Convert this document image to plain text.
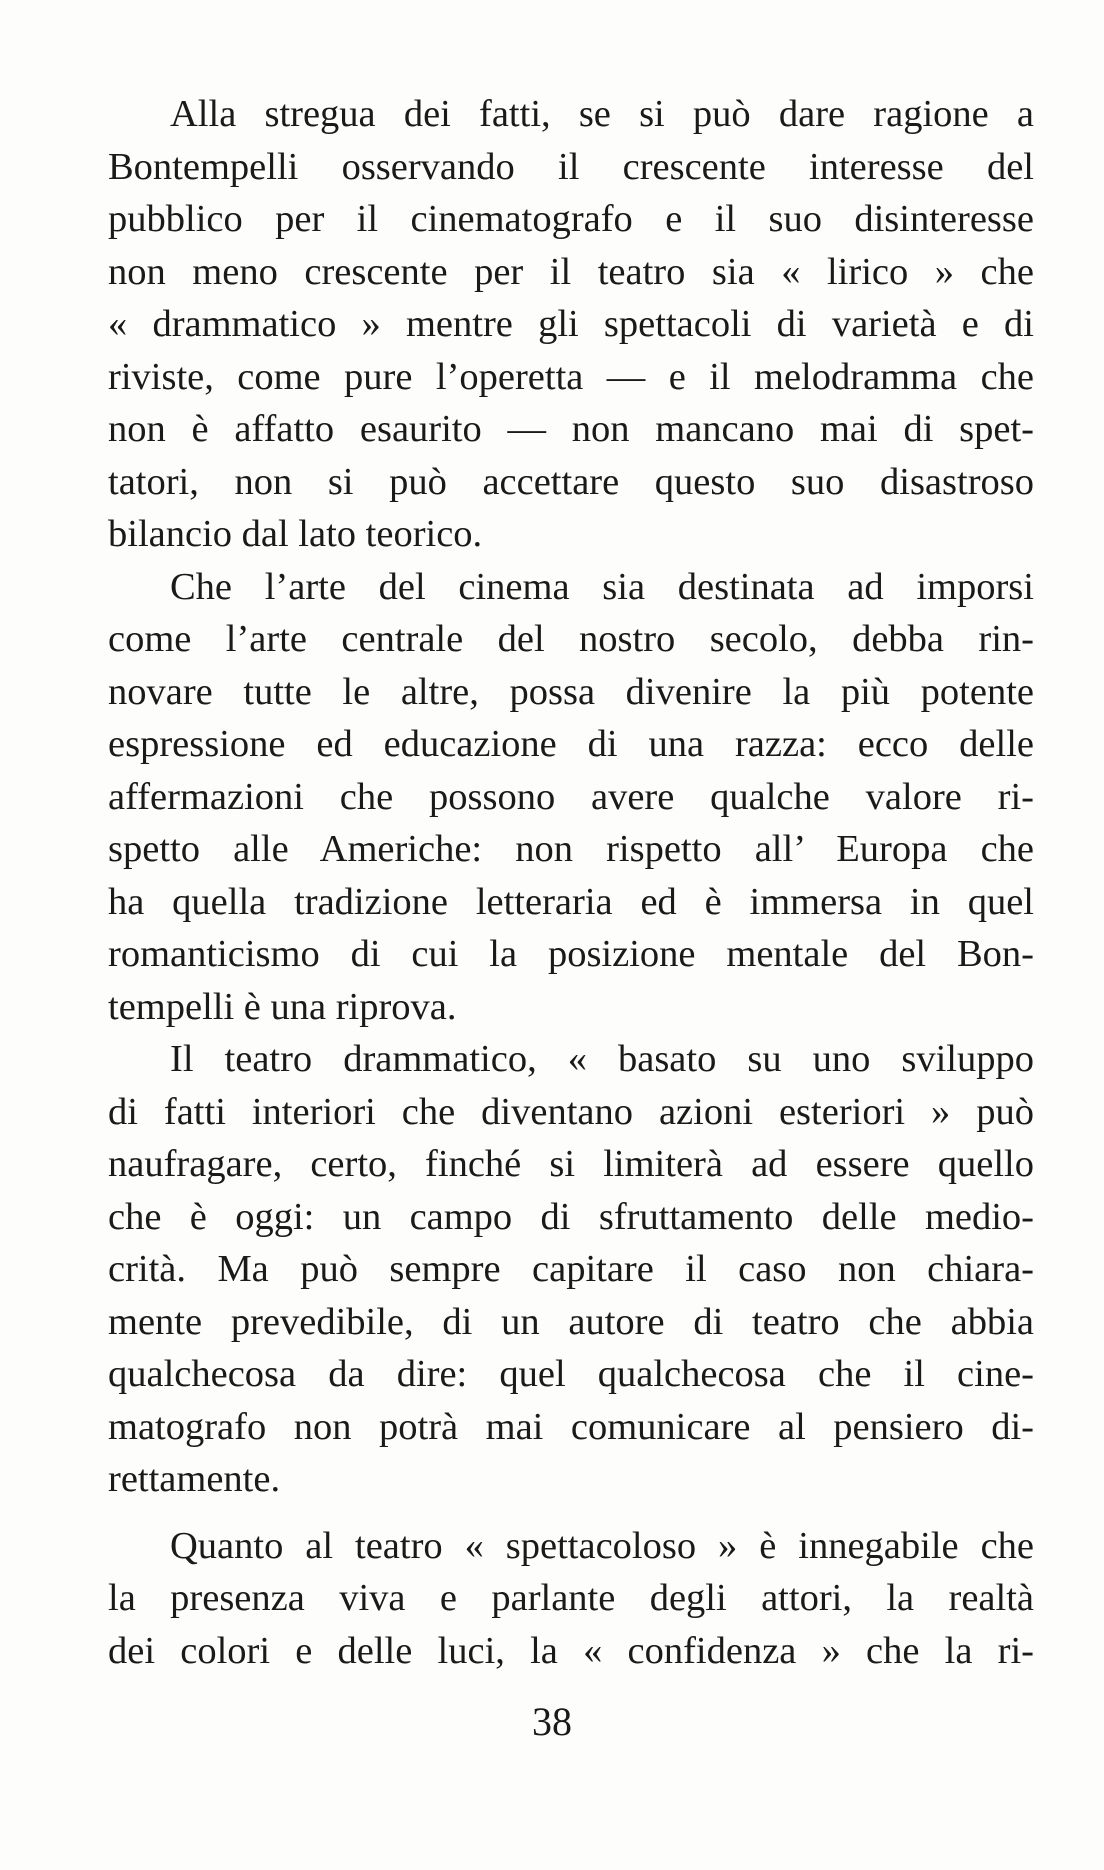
Alla stregua dei fatti, se si può dare ragione a
Bontempelli osservando il crescente interesse del
pubblico per il cinematografo e il suo disinteresse
non meno crescente per il teatro sia « lirico » che
« drammatico » mentre gli spettacoli di varietà e di
riviste, come pure l’operetta — e il melodramma che
non è affatto esaurito — non mancano mai di spet-
tatori, non si può accettare questo suo disastroso
bilancio dal lato teorico.
Che l’arte del cinema sia destinata ad imporsi
come l’arte centrale del nostro secolo, debba rin-
novare tutte le altre, possa divenire la più potente
espressione ed educazione di una razza: ecco delle
affermazioni che possono avere qualche valore ri-
spetto alle Americhe: non rispetto all’ Europa che
ha quella tradizione letteraria ed è immersa in quel
romanticismo di cui la posizione mentale del Bon-
tempelli è una riprova.
Il teatro drammatico, « basato su uno sviluppo
di fatti interiori che diventano azioni esteriori » può
naufragare, certo, finché si limiterà ad essere quello
che è oggi: un campo di sfruttamento delle medio-
crità. Ma può sempre capitare il caso non chiara-
mente prevedibile, di un autore di teatro che abbia
qualchecosa da dire: quel qualchecosa che il cine-
matografo non potrà mai comunicare al pensiero di-
rettamente.
Quanto al teatro « spettacoloso » è innegabile che
la presenza viva e parlante degli attori, la realtà
dei colori e delle luci, la « confidenza » che la ri-
38
